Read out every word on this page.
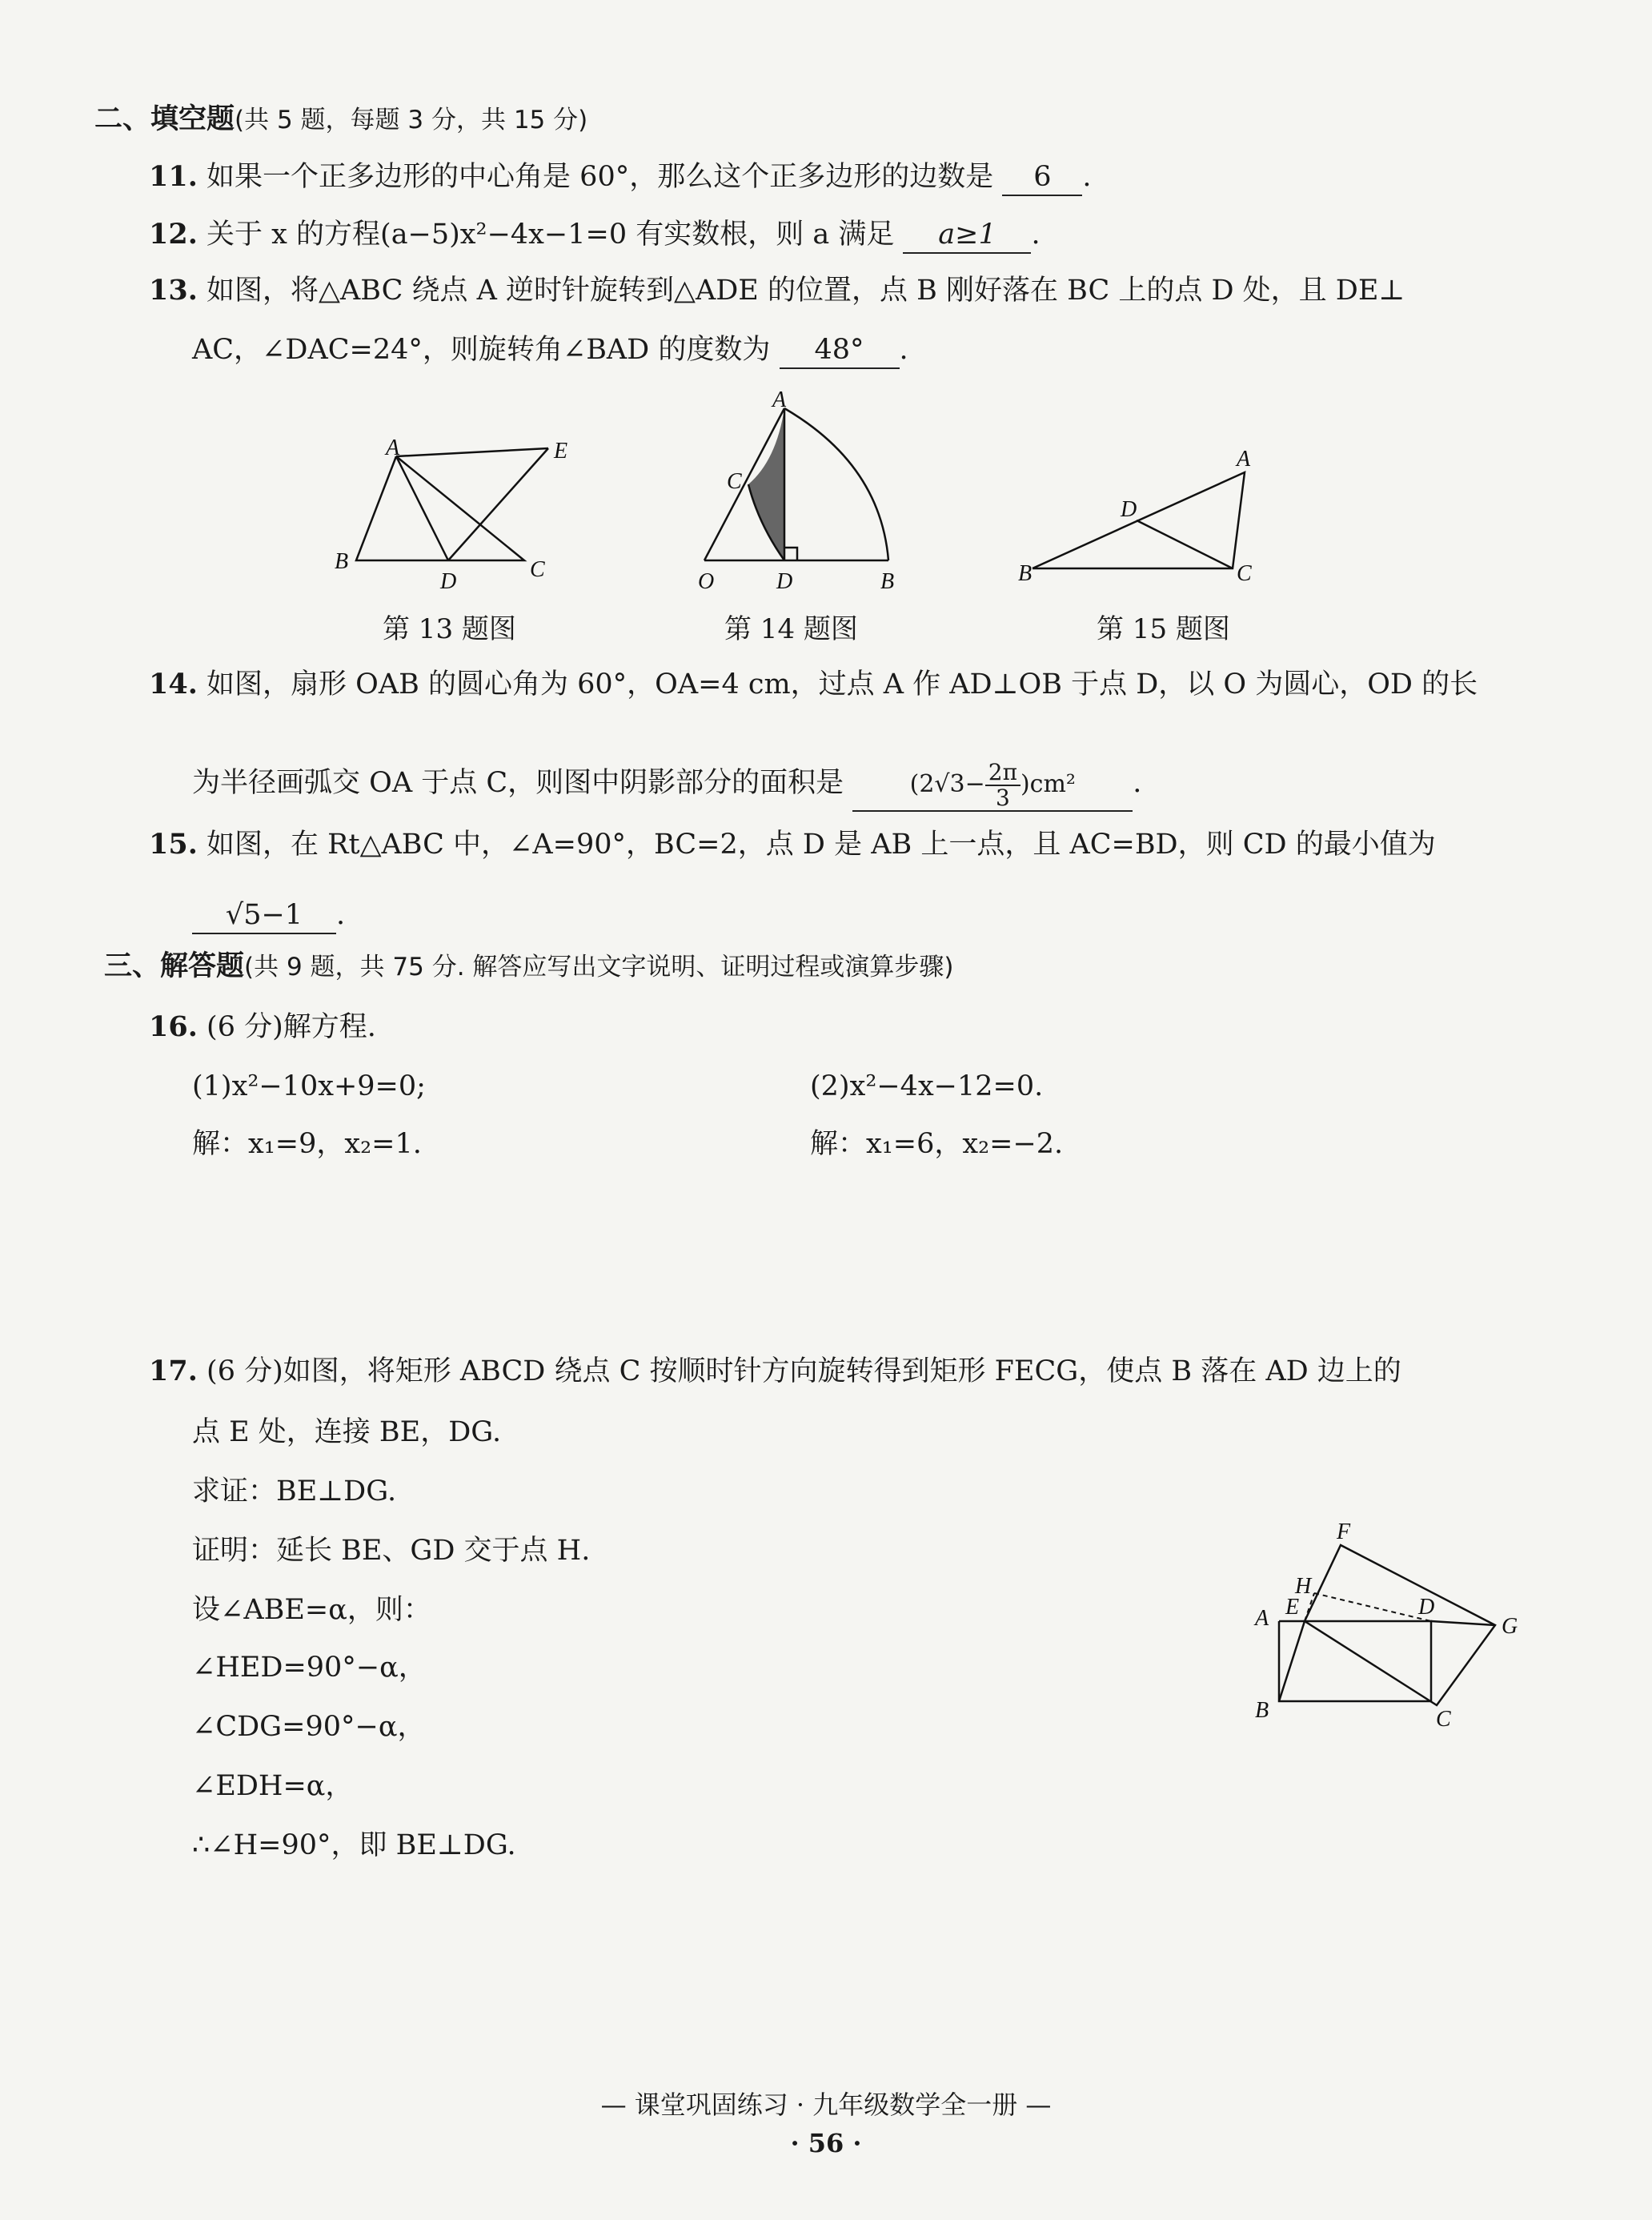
二、填空题(共 5 题，每题 3 分，共 15 分)
11. 如果一个正多边形的中心角是 60°，那么这个正多边形的边数是 6 .
12. 关于 x 的方程(a−5)x²−4x−1=0 有实数根，则 a 满足 a≥1 .
13. 如图，将△ABC 绕点 A 逆时针旋转到△ADE 的位置，点 B 刚好落在 BC 上的点 D 处，且 DE⊥
AC，∠DAC=24°，则旋转角∠BAD 的度数为 48° .
A	E
B
D	C
第 13 题图
A
C
O	D	B
第 14 题图
A
D
B	C
第 15 题图
14. 如图，扇形 OAB 的圆心角为 60°，OA=4 cm，过点 A 作 AD⊥OB 于点 D，以 O 为圆心，OD 的长
为半径画弧交 OA 于点 C，则图中阴影部分的面积是	$(2√3- \frac{2\pi}{3} )cm^2$ .
15. 如图，在 Rt△ABC 中，∠A=90°，BC=2，点 D 是 AB 上一点，且 AC=BD，则 CD 的最小值为
√5−1 .
三、解答题(共 9 题，共 75 分. 解答应写出文字说明、证明过程或演算步骤)
16. (6 分)解方程.
(1)x²−10x+9=0;	(2)x²−4x−12=0.
解：x₁=9，x₂=1.	解：x₁=6，x₂=−2.
17. (6 分)如图，将矩形 ABCD 绕点 C 按顺时针方向旋转得到矩形 FECG，使点 B 落在 AD 边上的
点 E 处，连接 BE，DG.
求证：BE⊥DG.
证明：延长 BE、GD 交于点 H.
设∠ABE=α，则：
∠HED=90°−α，
∠CDG=90°−α，
∠EDH=α，
∴∠H=90°，即 BE⊥DG.
F
H
A E	D
G
B	C
— 课堂巩固练习 · 九年级数学全一册 —
· 56 ·
